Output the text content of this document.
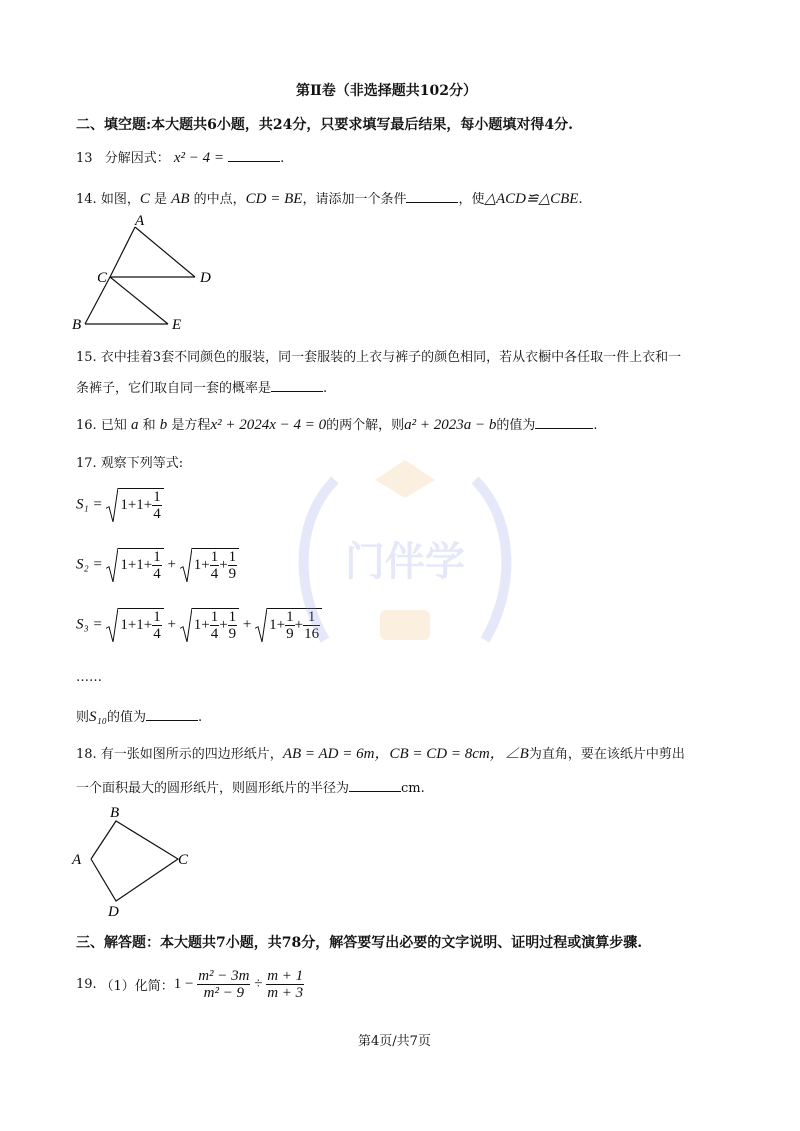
第Ⅱ卷（非选择题共102分）
二、填空题:本大题共6小题，共24分，只要求填写最后结果，每小题填对得4分.
13 分解因式： x² − 4 =	.
14. 如图，C 是 AB 的中点，CD = BE，请添加一个条件	，使△ACD≌△CBE.
A
C	D
B	E
15. 衣中挂着3套不同颜色的服装，同一套服装的上衣与裤子的颜色相同，若从衣橱中各任取一件上衣和一
条裤子，它们取自同一套的概率是	.
16. 已知 a 和 b 是方程x² + 2024x − 4 = 0的两个解，则a² + 2023a − b的值为	.
17. 观察下列等式:
$S_1 = 1+1+ \frac{1}{4}$
$S_2 = 1+1+ \frac{1}{4}$ +
$1+ \frac{1}{4} + \frac{1}{9}$
$S_3 = 1+1+ \frac{1}{4}$ +
$1+ \frac{1}{4} + \frac{1}{9}$ +
$1+ \frac{1}{9} + \frac{1}{16}$
……
则S₁₀的值为	.
18. 有一张如图所示的四边形纸片，AB = AD = 6m，CB = CD = 8cm，∠B为直角，要在该纸片中剪出
一个面积最大的圆形纸片，则圆形纸片的半径为	cm.
B
A	C
D
三、解答题：本大题共7小题，共78分，解答要写出必要的文字说明、证明过程或演算步骤.
19. （1）化简：$1 - \frac{\text{m² − 3m}}{\text{m² − 9}} \div \frac{m + 1}{m + 3}$
第4页/共7页
门伴学
